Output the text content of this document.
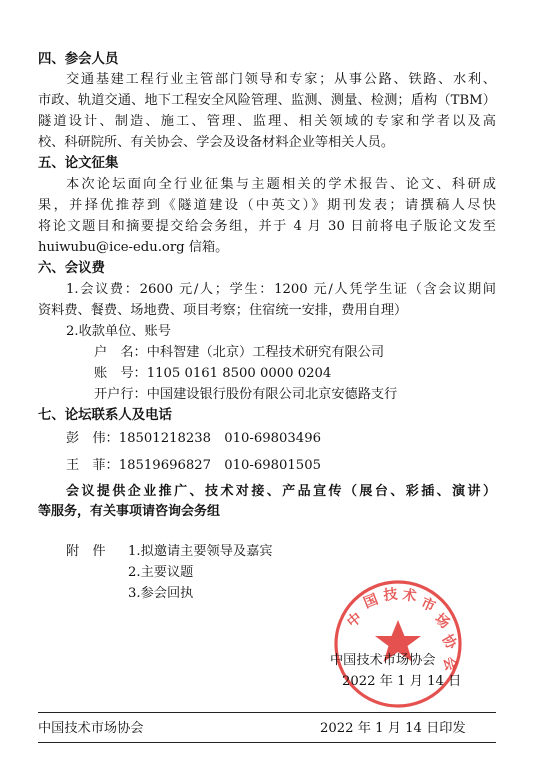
四、参会人员
交通基建工程行业主管部门领导和专家；从事公路、铁路、水利、
市政、轨道交通、地下工程安全风险管理、监测、测量、检测；盾构（TBM）
隧道设计、制造、施工、管理、监理、相关领域的专家和学者以及高
校、科研院所、有关协会、学会及设备材料企业等相关人员。
五、论文征集
本次论坛面向全行业征集与主题相关的学术报告、论文、科研成
果，并择优推荐到《隧道建设（中英文）》期刊发表；请撰稿人尽快
将论文题目和摘要提交给会务组，并于 4 月 30 日前将电子版论文发至
huiwubu@ice-edu.org 信箱。
六、会议费
1.会议费：2600 元/人；学生：1200 元/人凭学生证（含会议期间
资料费、餐费、场地费、项目考察；住宿统一安排，费用自理）
2.收款单位、账号
户　名：中科智建（北京）工程技术研究有限公司
账　号：1105 0161 8500 0000 0204
开户行：中国建设银行股份有限公司北京安德路支行
七、论坛联系人及电话
彭　伟：18501218238　010-69803496
王　菲：18519696827　010-69801505
会议提供企业推广、技术对接、产品宣传（展台、彩插、演讲）
等服务，有关事项请咨询会务组
附　件 1.拟邀请主要领导及嘉宾
2.主要议题
3.参会回执
中
国 技 术 市
场
协
会
中国技术市场协会
2022 年 1 月 14 日
中国技术市场协会	2022 年 1 月 14 日印发
